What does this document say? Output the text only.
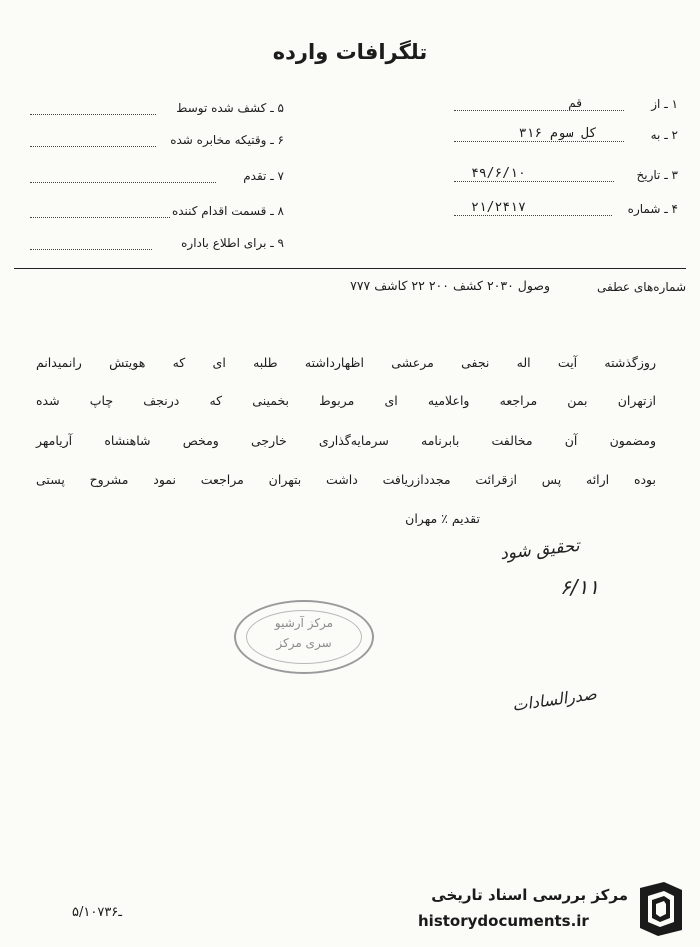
تلگرافات وارده
۱ ـ از
قم
۲ ـ به
کل سوم ۳۱۶
۳ ـ تاریخ
۴۹/۶/۱۰
۴ ـ شماره
۲۱/۲۴۱۷
۵ ـ کشف شده توسط
۶ ـ وقتیکه مخابره شده
۷ ـ تقدم
۸ ـ قسمت اقدام کننده
۹ ـ برای اطلاع باداره
شماره‌های عطفی
وصول ۲۰۳۰ کشف ۲۰۰ ۲۲ کاشف ۷۷۷
روزگذشته آیت اله نجفی مرعشی اظهارداشته طلبه ای که هویتش رانمیدانم
ازتهران بمن مراجعه واعلامیه ای مربوط بخمینی که درنجف چاپ شده
ومضمون آن مخالفت بابرنامه سرمایه‌گذاری خارجی ومخص شاهنشاه آریامهر
بوده ارائه پس ازقرائت مجددازریافت داشت بتهران مراجعت نمود مشروح پستی
تقدیم ٪ مهران
تحقیق شود
۶/۱۱
مرکز آرشیو
سری مرکز
صدرالسادات
۵/۱۰۷ـ۳۶
مرکز بررسی اسناد تاریخی
historydocuments.ir
